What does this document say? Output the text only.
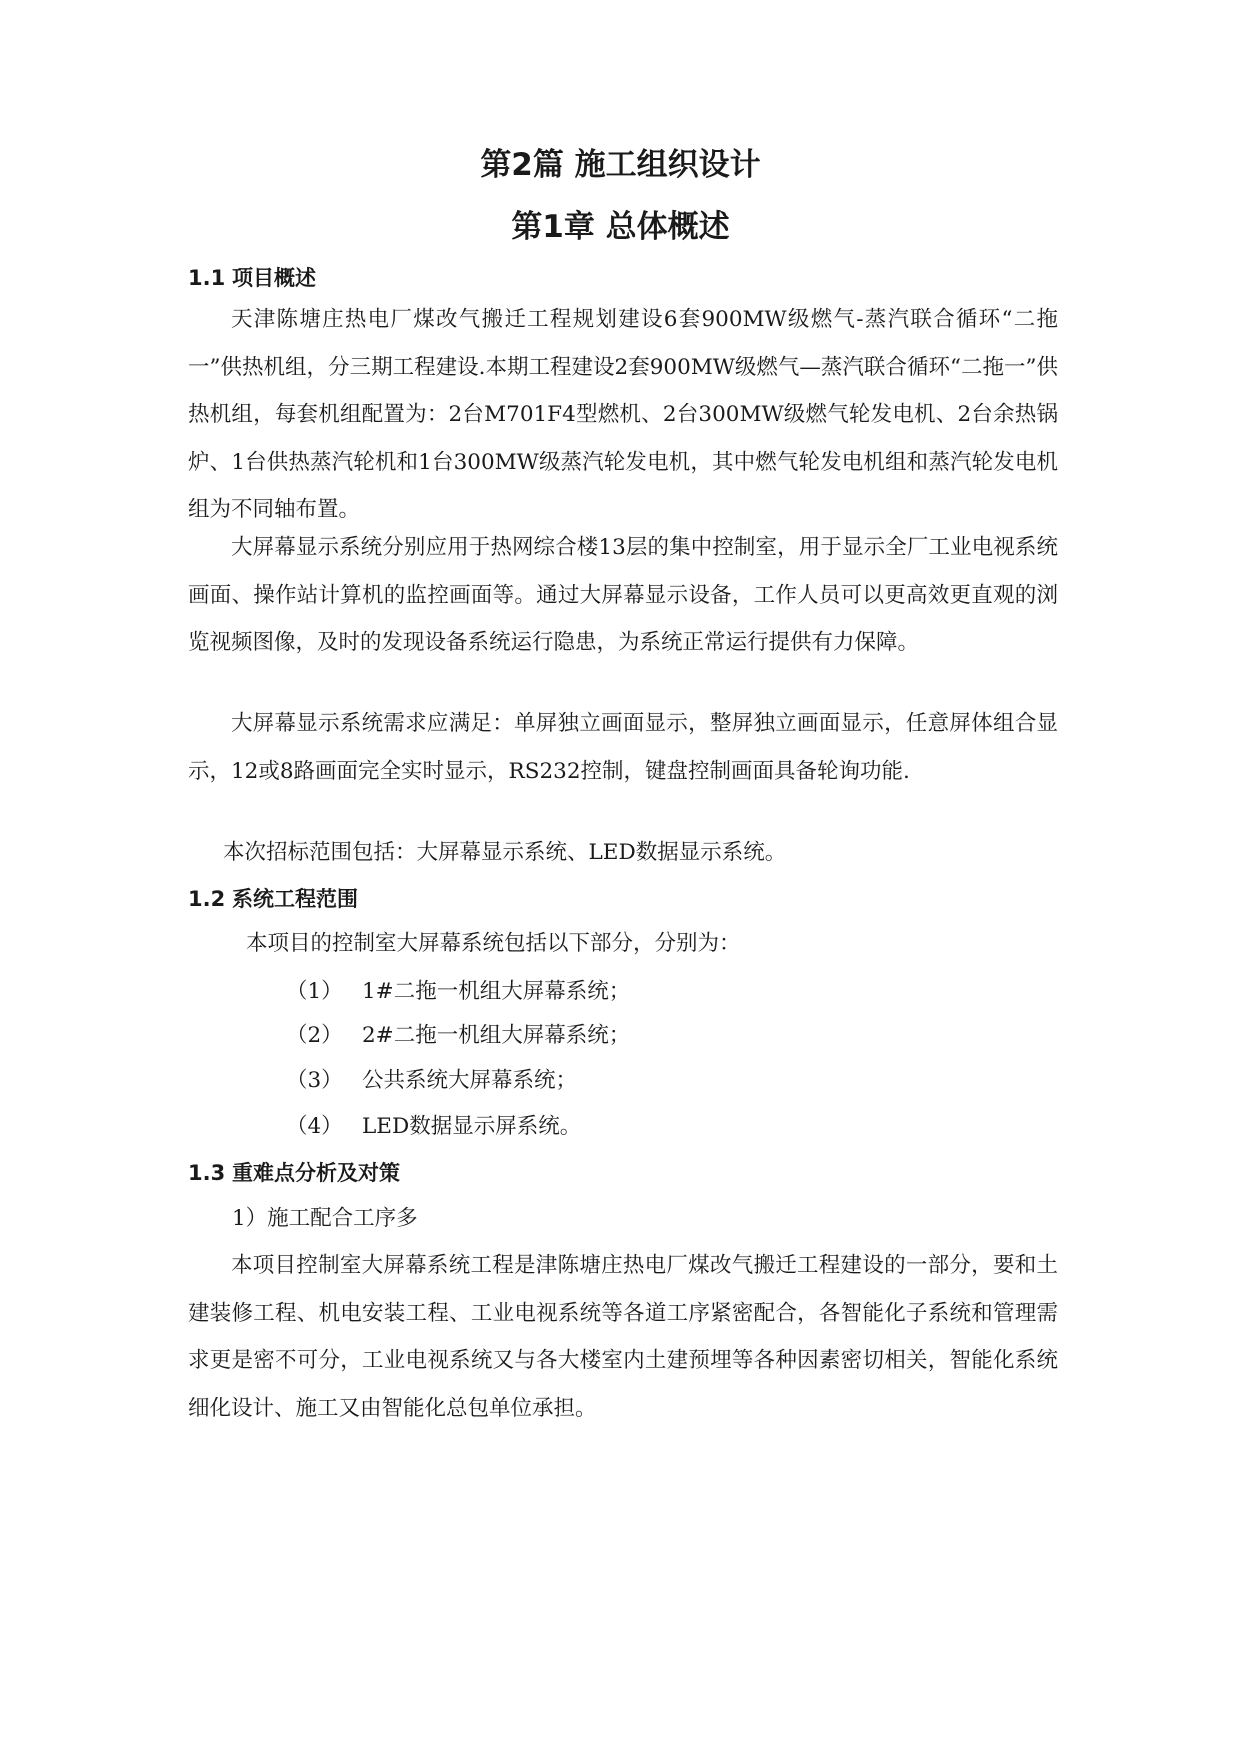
第2篇 施工组织设计
第1章 总体概述
1.1 项目概述

天津陈塘庄热电厂煤改气搬迁工程规划建设6套900MW级燃气-蒸汽联合循环“二拖一”供热机组，分三期工程建设.本期工程建设2套900MW级燃气—蒸汽联合循环“二拖一”供热机组，每套机组配置为：2台M701F4型燃机、2台300MW级燃气轮发电机、2台余热锅炉、1台供热蒸汽轮机和1台300MW级蒸汽轮发电机，其中燃气轮发电机组和蒸汽轮发电机组为不同轴布置。

大屏幕显示系统分别应用于热网综合楼13层的集中控制室，用于显示全厂工业电视系统画面、操作站计算机的监控画面等。通过大屏幕显示设备，工作人员可以更高效更直观的浏览视频图像，及时的发现设备系统运行隐患，为系统正常运行提供有力保障。

大屏幕显示系统需求应满足：单屏独立画面显示，整屏独立画面显示，任意屏体组合显示，12或8路画面完全实时显示，RS232控制，键盘控制画面具备轮询功能.

本次招标范围包括：大屏幕显示系统、LED数据显示系统。

1.2 系统工程范围

本项目的控制室大屏幕系统包括以下部分，分别为：

（1） 1#二拖一机组大屏幕系统；

（2） 2#二拖一机组大屏幕系统；

（3） 公共系统大屏幕系统；

（4） LED数据显示屏系统。

1.3 重难点分析及对策

1）施工配合工序多

本项目控制室大屏幕系统工程是津陈塘庄热电厂煤改气搬迁工程建设的一部分，要和土建装修工程、机电安装工程、工业电视系统等各道工序紧密配合，各智能化子系统和管理需求更是密不可分，工业电视系统又与各大楼室内土建预埋等各种因素密切相关，智能化系统细化设计、施工又由智能化总包单位承担。
